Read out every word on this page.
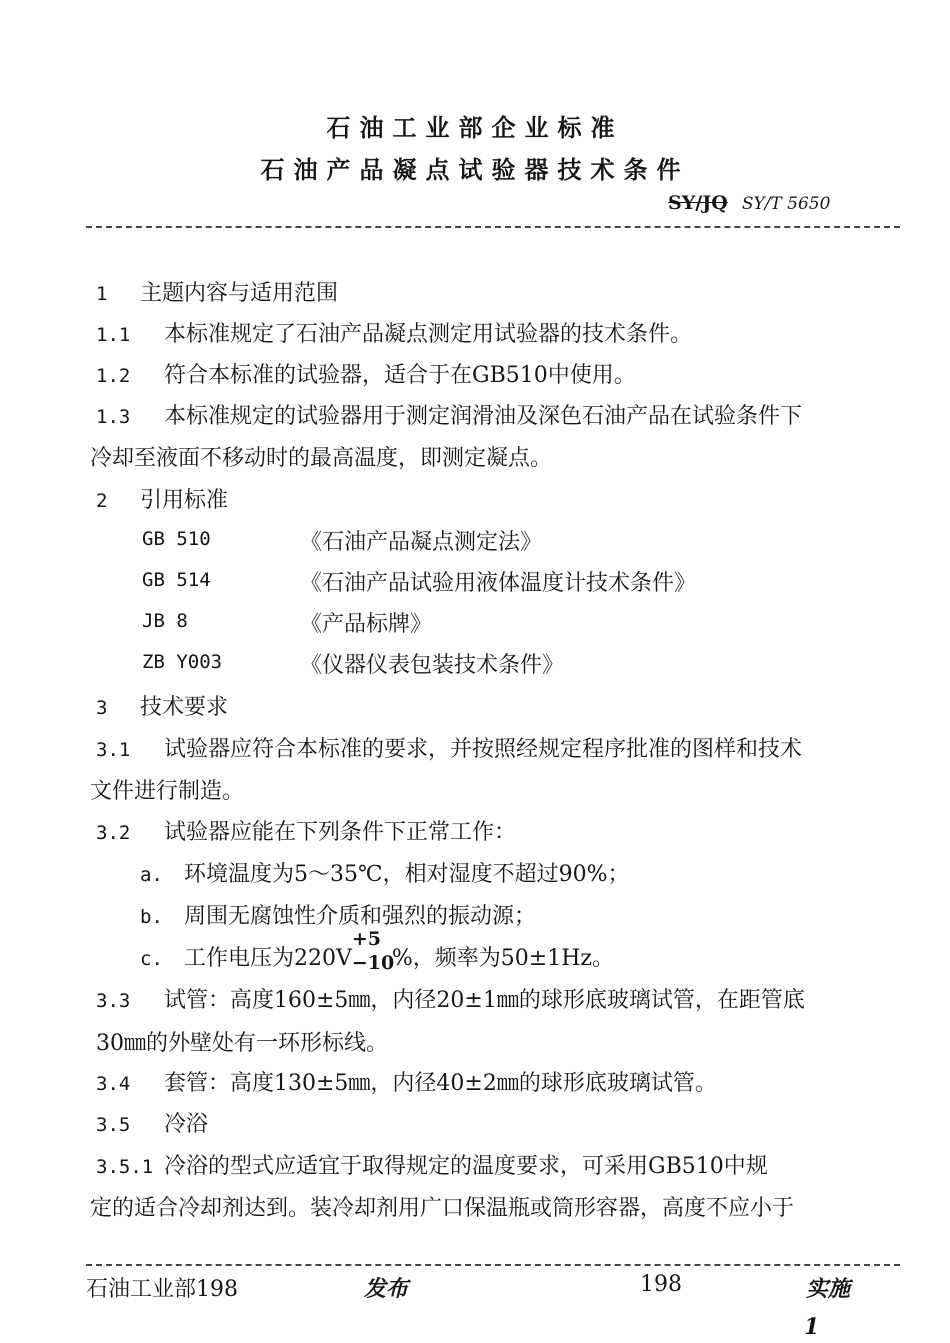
石油工业部企业标准
石油产品凝点试验器技术条件
SY/JQ SY/T 5650
1 主题内容与适用范围
1.1 本标准规定了石油产品凝点测定用试验器的技术条件。
1.2 符合本标准的试验器，适合于在GB510中使用。
1.3 本标准规定的试验器用于测定润滑油及深色石油产品在试验条件下
冷却至液面不移动时的最高温度，即测定凝点。
2 引用标准
GB 510	《石油产品凝点测定法》
GB 514	《石油产品试验用液体温度计技术条件》
JB 8	《产品标牌》
ZB Y003	《仪器仪表包装技术条件》
3 技术要求
3.1 试验器应符合本标准的要求，并按照经规定程序批准的图样和技术
文件进行制造。
3.2 试验器应能在下列条件下正常工作：
a. 环境温度为5～35℃，相对湿度不超过90%；
b. 周围无腐蚀性介质和强烈的振动源；
c. 工作电压为220V
+5
−10
%，频率为50±1Hz。
3.3 试管：高度160±5㎜，内径20±1㎜的球形底玻璃试管，在距管底
30㎜的外壁处有一环形标线。
3.4 套管：高度130±5㎜，内径40±2㎜的球形底玻璃试管。
3.5 冷浴
3.5.1 冷浴的型式应适宜于取得规定的温度要求，可采用GB510中规
定的适合冷却剂达到。装冷却剂用广口保温瓶或筒形容器，高度不应小于
石油工业部198	发布	198	实施
1
